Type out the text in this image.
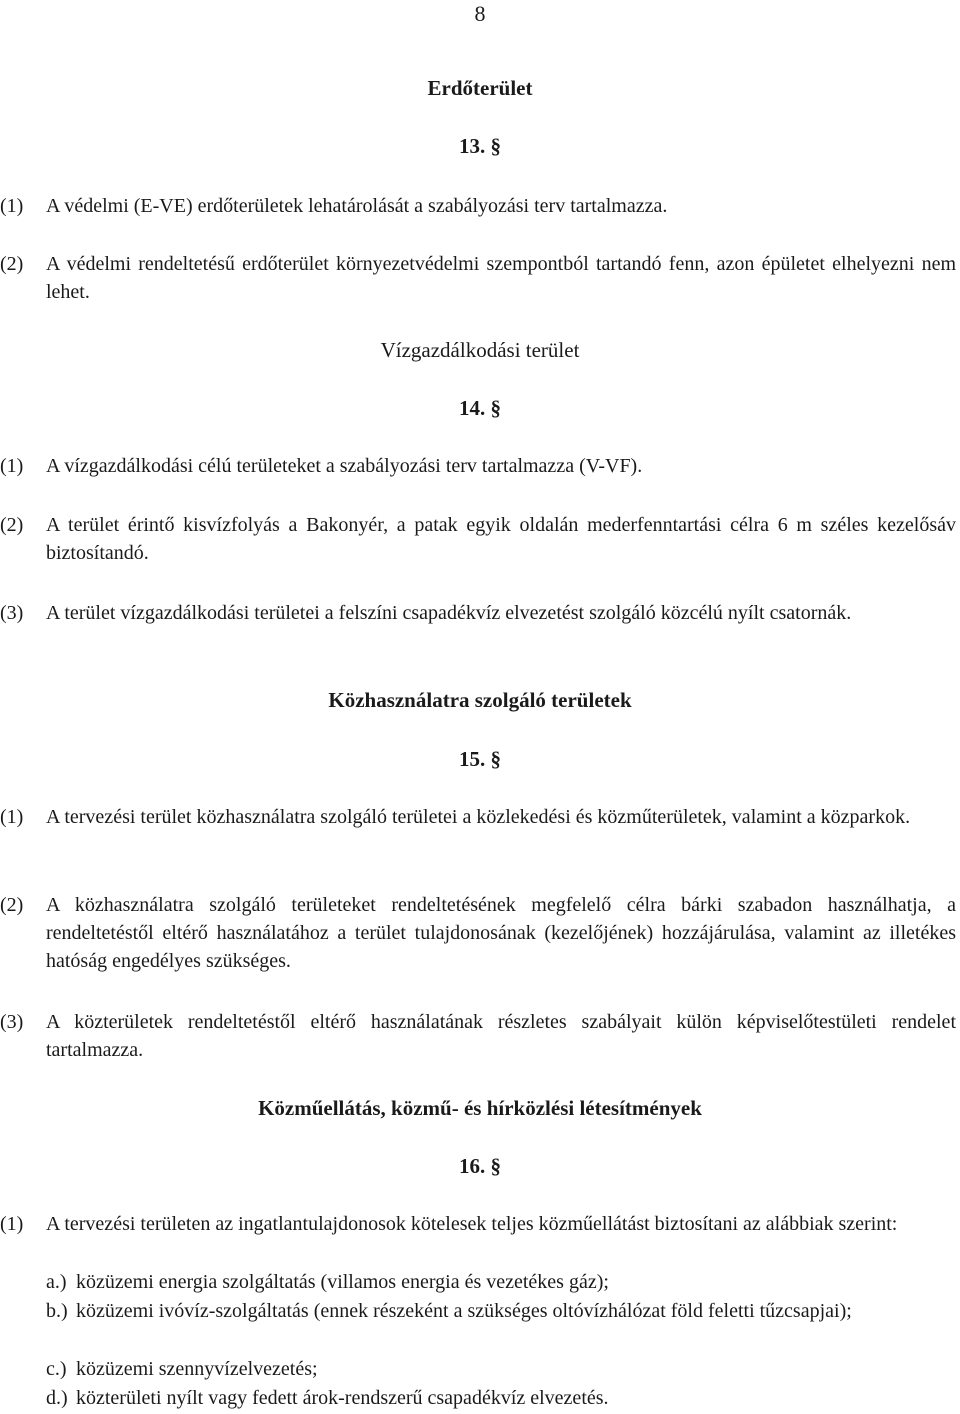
8
Erdőterület
13. §
(1) A védelmi (E-VE) erdőterületek lehatárolását a szabályozási terv tartalmazza.
(2) A védelmi rendeltetésű erdőterület környezetvédelmi szempontból tartandó fenn, azon épületet elhelyezni nem lehet.
Vízgazdálkodási terület
14. §
(1) A vízgazdálkodási célú területeket a szabályozási terv tartalmazza (V-VF).
(2) A terület érintő kisvízfolyás a Bakonyér, a patak egyik oldalán mederfenntartási célra 6 m széles kezelősáv biztosítandó.
(3) A terület vízgazdálkodási területei a felszíni csapadékvíz elvezetést szolgáló közcélú nyílt csatornák.
Közhasználatra szolgáló területek
15. §
(1) A tervezési terület közhasználatra szolgáló területei a közlekedési és közműterületek, valamint a közparkok.
(2) A közhasználatra szolgáló területeket rendeltetésének megfelelő célra bárki szabadon használhatja, a rendeltetéstől eltérő használatához a terület tulajdonosának (kezelőjének) hozzájárulása, valamint az illetékes hatóság engedélyes szükséges.
(3) A közterületek rendeltetéstől eltérő használatának részletes szabályait külön képviselőtestületi rendelet tartalmazza.
Közműellátás, közmű- és hírközlési létesítmények
16. §
(1) A tervezési területen az ingatlantulajdonosok kötelesek teljes közműellátást biztosítani az alábbiak szerint:
a.) közüzemi energia szolgáltatás (villamos energia és vezetékes gáz);
b.) közüzemi ivóvíz-szolgáltatás (ennek részeként a szükséges oltóvízhálózat föld feletti tűzcsapjai);
c.) közüzemi szennyvízelvezetés;
d.) közterületi nyílt vagy fedett árok-rendszerű csapadékvíz elvezetés.
